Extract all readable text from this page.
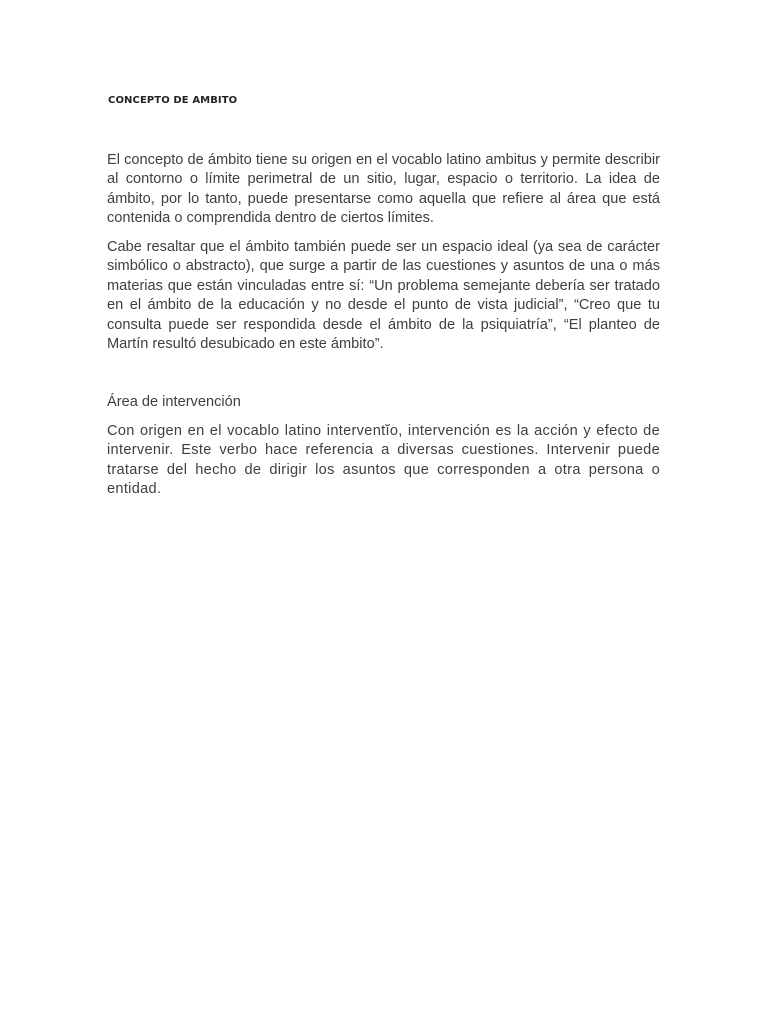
CONCEPTO DE AMBITO

El concepto de ámbito tiene su origen en el vocablo latino ambitus y permite describir al contorno o límite perimetral de un sitio, lugar, espacio o territorio. La idea de ámbito, por lo tanto, puede presentarse como aquella que refiere al área que está contenida o comprendida dentro de ciertos límites.

Cabe resaltar que el ámbito también puede ser un espacio ideal (ya sea de carácter simbólico o abstracto), que surge a partir de las cuestiones y asuntos de una o más materias que están vinculadas entre sí: “Un problema semejante debería ser tratado en el ámbito de la educación y no desde el punto de vista judicial”, “Creo que tu consulta puede ser respondida desde el ámbito de la psiquiatría”, “El planteo de Martín resultó desubicado en este ámbito”.

Área de intervención

Con origen en el vocablo latino interventĭo, intervención es la acción y efecto de intervenir. Este verbo hace referencia a diversas cuestiones. Intervenir puede tratarse del hecho de dirigir los asuntos que corresponden a otra persona o entidad.
